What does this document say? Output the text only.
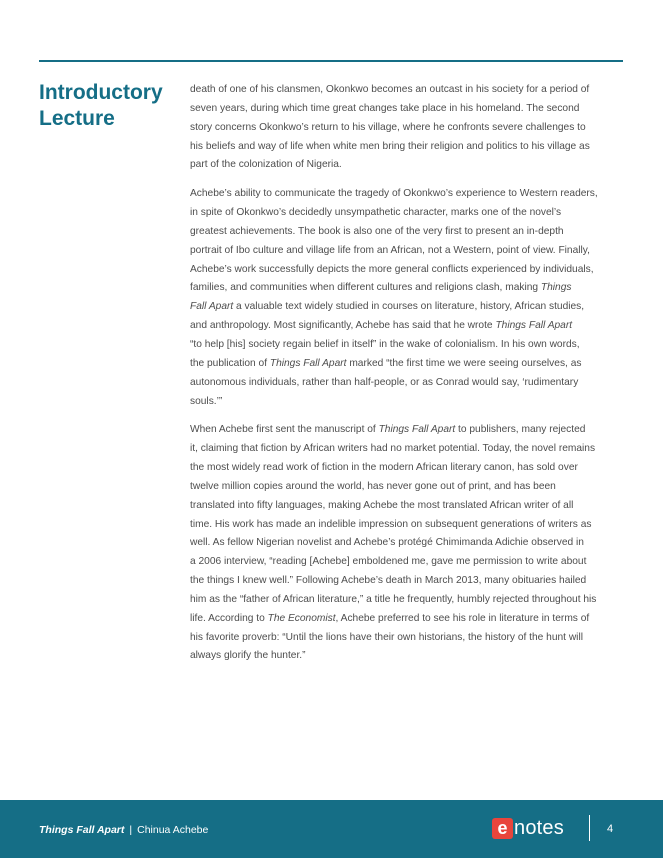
Introductory
Lecture

death of one of his clansmen, Okonkwo becomes an outcast in his society for a period of
seven years, during which time great changes take place in his homeland. The second
story concerns Okonkwo’s return to his village, where he confronts severe challenges to
his beliefs and way of life when white men bring their religion and politics to his village as
part of the colonization of Nigeria.

Achebe’s ability to communicate the tragedy of Okonkwo’s experience to Western readers,
in spite of Okonkwo’s decidedly unsympathetic character, marks one of the novel’s
greatest achievements. The book is also one of the very first to present an in-depth
portrait of Ibo culture and village life from an African, not a Western, point of view. Finally,
Achebe’s work successfully depicts the more general conflicts experienced by individuals,
families, and communities when different cultures and religions clash, making Things
Fall Apart a valuable text widely studied in courses on literature, history, African studies,
and anthropology. Most significantly, Achebe has said that he wrote Things Fall Apart
“to help [his] society regain belief in itself” in the wake of colonialism. In his own words,
the publication of Things Fall Apart marked “the first time we were seeing ourselves, as
autonomous individuals, rather than half-people, or as Conrad would say, ‘rudimentary
souls.’”

When Achebe first sent the manuscript of Things Fall Apart to publishers, many rejected
it, claiming that fiction by African writers had no market potential. Today, the novel remains
the most widely read work of fiction in the modern African literary canon, has sold over
twelve million copies around the world, has never gone out of print, and has been
translated into fifty languages, making Achebe the most translated African writer of all
time. His work has made an indelible impression on subsequent generations of writers as
well. As fellow Nigerian novelist and Achebe’s protégé Chimimanda Adichie observed in
a 2006 interview, “reading [Achebe] emboldened me, gave me permission to write about
the things I knew well.” Following Achebe’s death in March 2013, many obituaries hailed
him as the “father of African literature,” a title he frequently, humbly rejected throughout his
life. According to The Economist, Achebe preferred to see his role in literature in terms of
his favorite proverb: “Until the lions have their own historians, the history of the hunt will
always glorify the hunter.”

Things Fall Apart | Chinua Achebe	e notes	4
